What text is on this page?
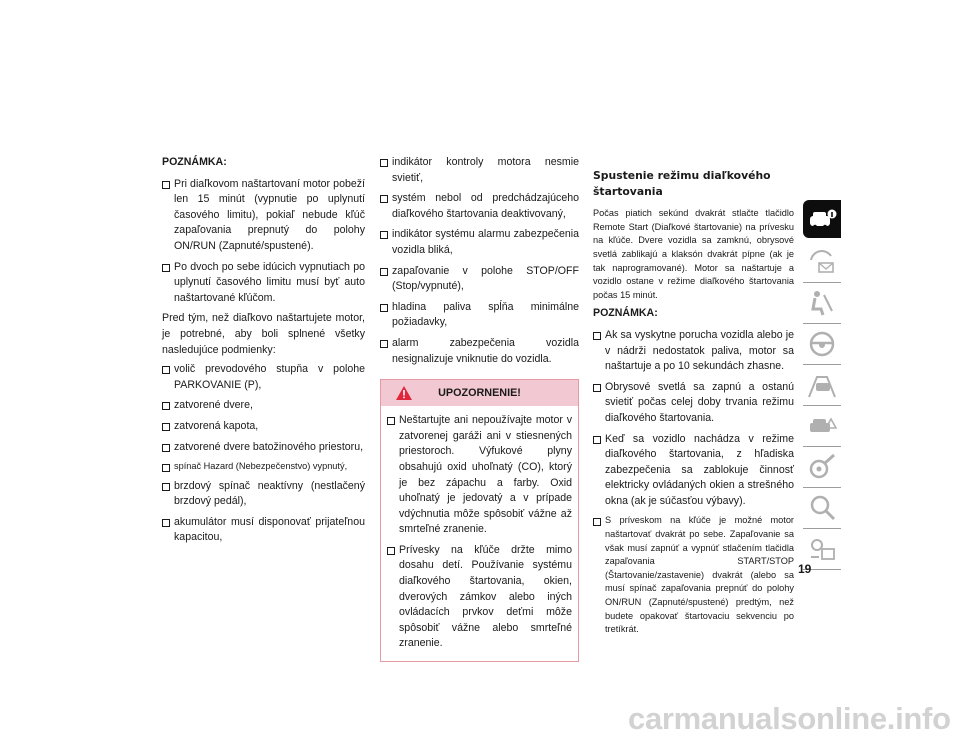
POZNÁMKA:
Pri diaľkovom naštartovaní motor pobeží len 15 minút (vypnutie po uplynutí časového limitu), pokiaľ nebude kľúč zapaľovania prepnutý do polohy ON/RUN (Zapnuté/spustené).
Po dvoch po sebe idúcich vypnutiach po uplynutí časového limitu musí byť auto naštartované kľúčom.
Pred tým, než diaľkovo naštartujete motor, je potrebné, aby boli splnené všetky nasledujúce podmienky:
volič prevodového stupňa v polohe PARKOVANIE (P),
zatvorené dvere,
zatvorená kapota,
zatvorené dvere batožinového priestoru,
spínač Hazard (Nebezpečenstvo) vypnutý,
brzdový spínač neaktívny (nestlačený brzdový pedál),
akumulátor musí disponovať prijateľnou kapacitou,
indikátor kontroly motora nesmie svietiť,
systém nebol od predchádzajúceho diaľkového štartovania deaktivovaný,
indikátor systému alarmu zabezpečenia vozidla bliká,
zapaľovanie v polohe STOP/OFF (Stop/vypnuté),
hladina paliva spĺňa minimálne požiadavky,
alarm zabezpečenia vozidla nesignalizuje vniknutie do vozidla.
UPOZORNENIE!
Neštartujte ani nepoužívajte motor v zatvorenej garáži ani v stiesnených priestoroch. Výfukové plyny obsahujú oxid uhoľnatý (CO), ktorý je bez zápachu a farby. Oxid uhoľnatý je jedovatý a v prípade vdýchnutia môže spôsobiť vážne až smrteľné zranenie.
Prívesky na kľúče držte mimo dosahu detí. Používanie systému diaľkového štartovania, okien, dverových zámkov alebo iných ovládacích prvkov deťmi môže spôsobiť vážne alebo smrteľné zranenie.
Spustenie režimu diaľkového štartovania
Počas piatich sekúnd dvakrát stlačte tlačidlo Remote Start (Diaľkové štartovanie) na prívesku na kľúče. Dvere vozidla sa zamknú, obrysové svetlá zablikajú a klaksón dvakrát pípne (ak je tak naprogramované). Motor sa naštartuje a vozidlo ostane v režime diaľkového štartovania počas 15 minút.
POZNÁMKA:
Ak sa vyskytne porucha vozidla alebo je v nádrži nedostatok paliva, motor sa naštartuje a po 10 sekundách zhasne.
Obrysové svetlá sa zapnú a ostanú svietiť počas celej doby trvania režimu diaľkového štartovania.
Keď sa vozidlo nachádza v režime diaľkového štartovania, z hľadiska zabezpečenia sa zablokuje činnosť elektricky ovládaných okien a strešného okna (ak je súčasťou výbavy).
S príveskom na kľúče je možné motor naštartovať dvakrát po sebe. Zapaľovanie sa však musí zapnúť a vypnúť stlačením tlačidla zapaľovania START/STOP (Štartovanie/zastavenie) dvakrát (alebo sa musí spínač zapaľovania prepnúť do polohy ON/RUN (Zapnuté/spustené) predtým, než budete opakovať štartovaciu sekvenciu po tretíkrát.
19
carmanualsonline.info
